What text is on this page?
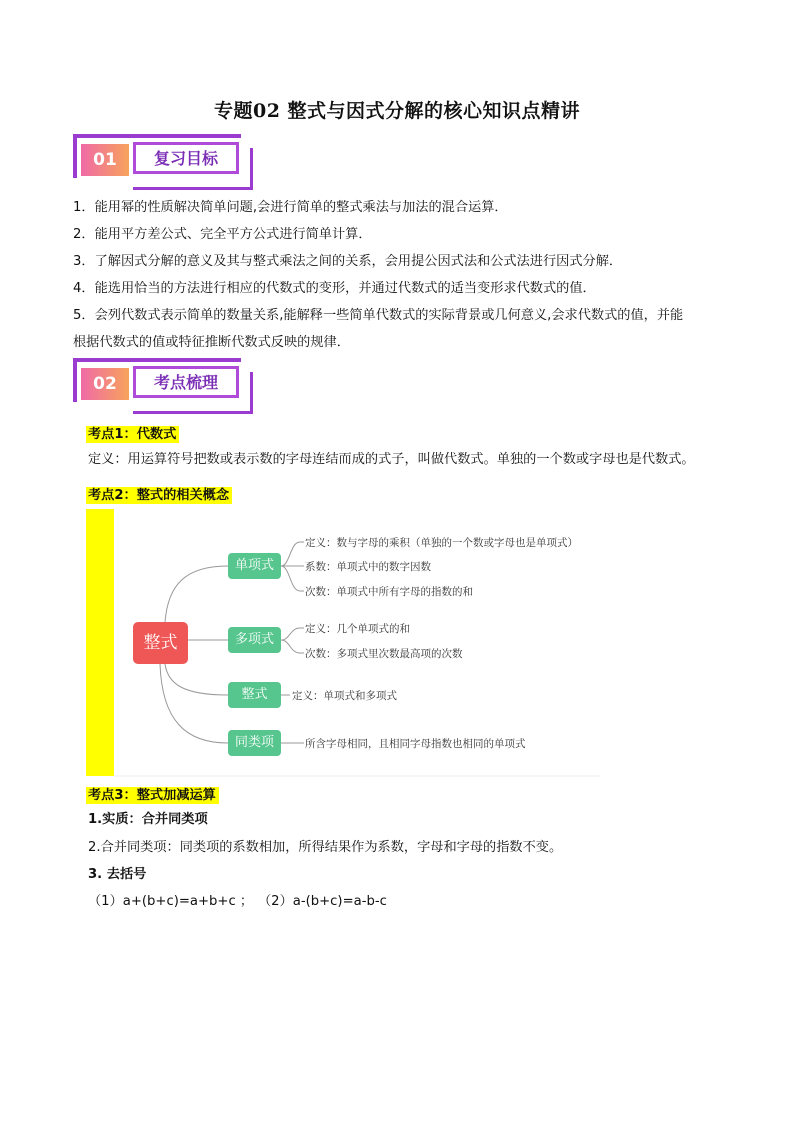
专题02 整式与因式分解的核心知识点精讲
01	复习目标
1．能用幂的性质解决简单问题,会进行简单的整式乘法与加法的混合运算．
2．能用平方差公式、完全平方公式进行简单计算．
3．了解因式分解的意义及其与整式乘法之间的关系，会用提公因式法和公式法进行因式分解．
4．能选用恰当的方法进行相应的代数式的变形，并通过代数式的适当变形求代数式的值．
5．会列代数式表示简单的数量关系,能解释一些简单代数式的实际背景或几何意义,会求代数式的值，并能
根据代数式的值或特征推断代数式反映的规律．
02	考点梳理
考点1：代数式
定义：用运算符号把数或表示数的字母连结而成的式子，叫做代数式。单独的一个数或字母也是代数式。
考点2：整式的相关概念
整式
单项式
多项式
整式
同类项
定义：数与字母的乘积（单独的一个数或字母也是单项式）
系数：单项式中的数字因数
次数：单项式中所有字母的指数的和
定义：几个单项式的和
次数：多项式里次数最高项的次数
定义：单项式和多项式
所含字母相同，且相同字母指数也相同的单项式
考点3：整式加减运算
1.实质：合并同类项
2.合并同类项：同类项的系数相加，所得结果作为系数，字母和字母的指数不变。
3. 去括号
（1）a+(b+c)=a+b+c ； （2）a-(b+c)=a-b-c
